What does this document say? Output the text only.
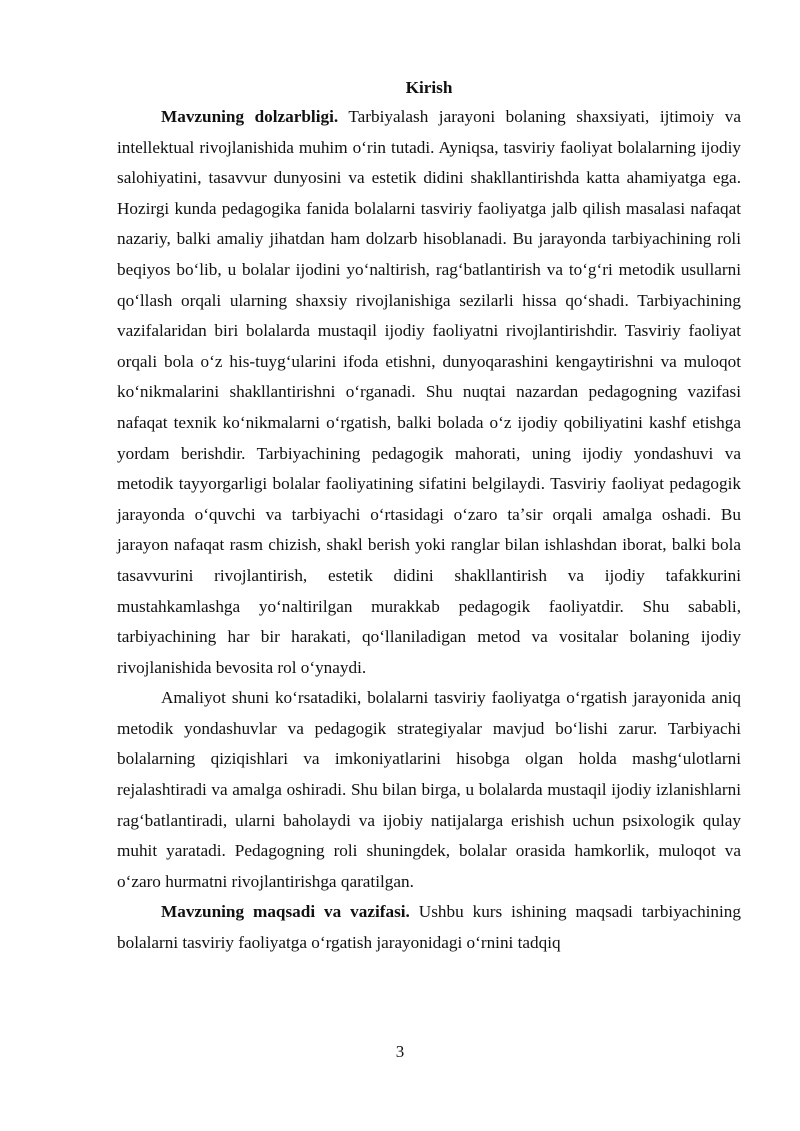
Kirish

Mavzuning dolzarbligi. Tarbiyalash jarayoni bolaning shaxsiyati, ijtimoiy va intellektual rivojlanishida muhim oʻrin tutadi. Ayniqsa, tasviriy faoliyat bolalarning ijodiy salohiyatini, tasavvur dunyosini va estetik didini shakllantirishda katta ahamiyatga ega. Hozirgi kunda pedagogika fanida bolalarni tasviriy faoliyatga jalb qilish masalasi nafaqat nazariy, balki amaliy jihatdan ham dolzarb hisoblanadi. Bu jarayonda tarbiyachining roli beqiyos boʻlib, u bolalar ijodini yoʻnaltirish, ragʻbatlantirish va toʻgʻri metodik usullarni qoʻllash orqali ularning shaxsiy rivojlanishiga sezilarli hissa qoʻshadi. Tarbiyachining vazifalaridan biri bolalarda mustaqil ijodiy faoliyatni rivojlantirishdir. Tasviriy faoliyat orqali bola oʻz his-tuygʻularini ifoda etishni, dunyoqarashini kengaytirishni va muloqot koʻnikmalarini shakllantirishni oʻrganadi. Shu nuqtai nazardan pedagogning vazifasi nafaqat texnik koʻnikmalarni oʻrgatish, balki bolada oʻz ijodiy qobiliyatini kashf etishga yordam berishdir. Tarbiyachining pedagogik mahorati, uning ijodiy yondashuvi va metodik tayyorgarligi bolalar faoliyatining sifatini belgilaydi. Tasviriy faoliyat pedagogik jarayonda oʻquvchi va tarbiyachi oʻrtasidagi oʻzaro taʼsir orqali amalga oshadi. Bu jarayon nafaqat rasm chizish, shakl berish yoki ranglar bilan ishlashdan iborat, balki bola tasavvurini rivojlantirish, estetik didini shakllantirish va ijodiy tafakkurini mustahkamlashga yoʻnaltirilgan murakkab pedagogik faoliyatdir. Shu sababli, tarbiyachining har bir harakati, qoʻllaniladigan metod va vositalar bolaning ijodiy rivojlanishida bevosita rol oʻynaydi.

Amaliyot shuni koʻrsatadiki, bolalarni tasviriy faoliyatga oʻrgatish jarayonida aniq metodik yondashuvlar va pedagogik strategiyalar mavjud boʻlishi zarur. Tarbiyachi bolalarning qiziqishlari va imkoniyatlarini hisobga olgan holda mashgʻulotlarni rejalashtiradi va amalga oshiradi. Shu bilan birga, u bolalarda mustaqil ijodiy izlanishlarni ragʻbatlantiradi, ularni baholaydi va ijobiy natijalarga erishish uchun psixologik qulay muhit yaratadi. Pedagogning roli shuningdek, bolalar orasida hamkorlik, muloqot va oʻzaro hurmatni rivojlantirishga qaratilgan.

Mavzuning maqsadi va vazifasi. Ushbu kurs ishining maqsadi tarbiyachining bolalarni tasviriy faoliyatga oʻrgatish jarayonidagi oʻrnini tadqiq

3
